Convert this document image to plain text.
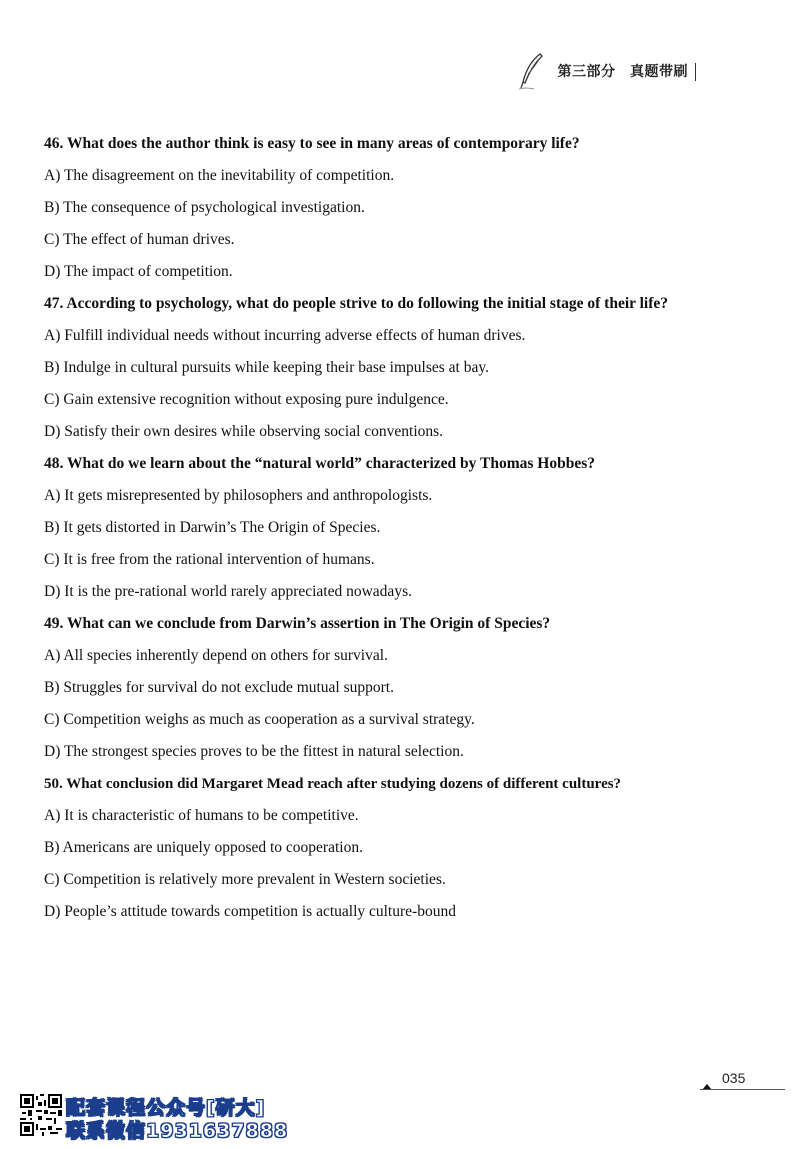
第三部分　真题带刷
46. What does the author think is easy to see in many areas of contemporary life?
A) The disagreement on the inevitability of competition.
B) The consequence of psychological investigation.
C) The effect of human drives.
D) The impact of competition.
47. According to psychology, what do people strive to do following the initial stage of their life?
A) Fulfill individual needs without incurring adverse effects of human drives.
B) Indulge in cultural pursuits while keeping their base impulses at bay.
C) Gain extensive recognition without exposing pure indulgence.
D) Satisfy their own desires while observing social conventions.
48. What do we learn about the “natural world” characterized by Thomas Hobbes?
A) It gets misrepresented by philosophers and anthropologists.
B) It gets distorted in Darwin’s The Origin of Species.
C) It is free from the rational intervention of humans.
D) It is the pre-rational world rarely appreciated nowadays.
49. What can we conclude from Darwin’s assertion in The Origin of Species?
A) All species inherently depend on others for survival.
B) Struggles for survival do not exclude mutual support.
C) Competition weighs as much as cooperation as a survival strategy.
D) The strongest species proves to be the fittest in natural selection.
50. What conclusion did Margaret Mead reach after studying dozens of different cultures?
A) It is characteristic of humans to be competitive.
B) Americans are uniquely opposed to cooperation.
C) Competition is relatively more prevalent in Western societies.
D) People’s attitude towards competition is actually culture-bound
035
配套课程公众号[研大]
联系微信1931637888
